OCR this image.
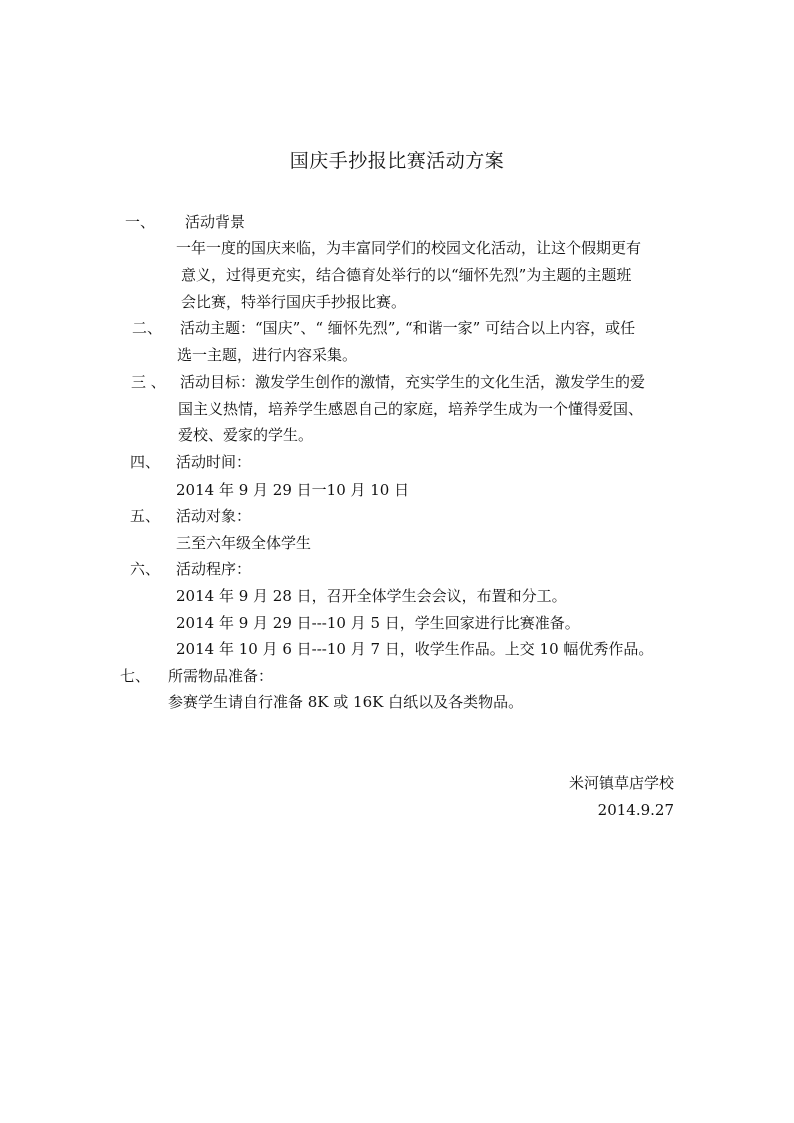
国庆手抄报比赛活动方案
一、 活动背景
一年一度的国庆来临，为丰富同学们的校园文化活动，让这个假期更有
意义，过得更充实，结合德育处举行的以“缅怀先烈”为主题的主题班
会比赛，特举行国庆手抄报比赛。
二、 活动主题：“国庆”、“ 缅怀先烈”, “和谐一家” 可结合以上内容，或任
选一主题，进行内容采集。
三 、 活动目标：激发学生创作的激情，充实学生的文化生活，激发学生的爱
国主义热情，培养学生感恩自己的家庭，培养学生成为一个懂得爱国、
爱校、爱家的学生。
四、 活动时间：
2014 年 9 月 29 日一10 月 10 日
五、 活动对象：
三至六年级全体学生
六、 活动程序：
2014 年 9 月 28 日，召开全体学生会会议，布置和分工。
2014 年 9 月 29 日---10 月 5 日，学生回家进行比赛准备。
2014 年 10 月 6 日---10 月 7 日，收学生作品。上交 10 幅优秀作品。
七、 所需物品准备：
参赛学生请自行准备 8K 或 16K 白纸以及各类物品。
米河镇草店学校
2014.9.27
